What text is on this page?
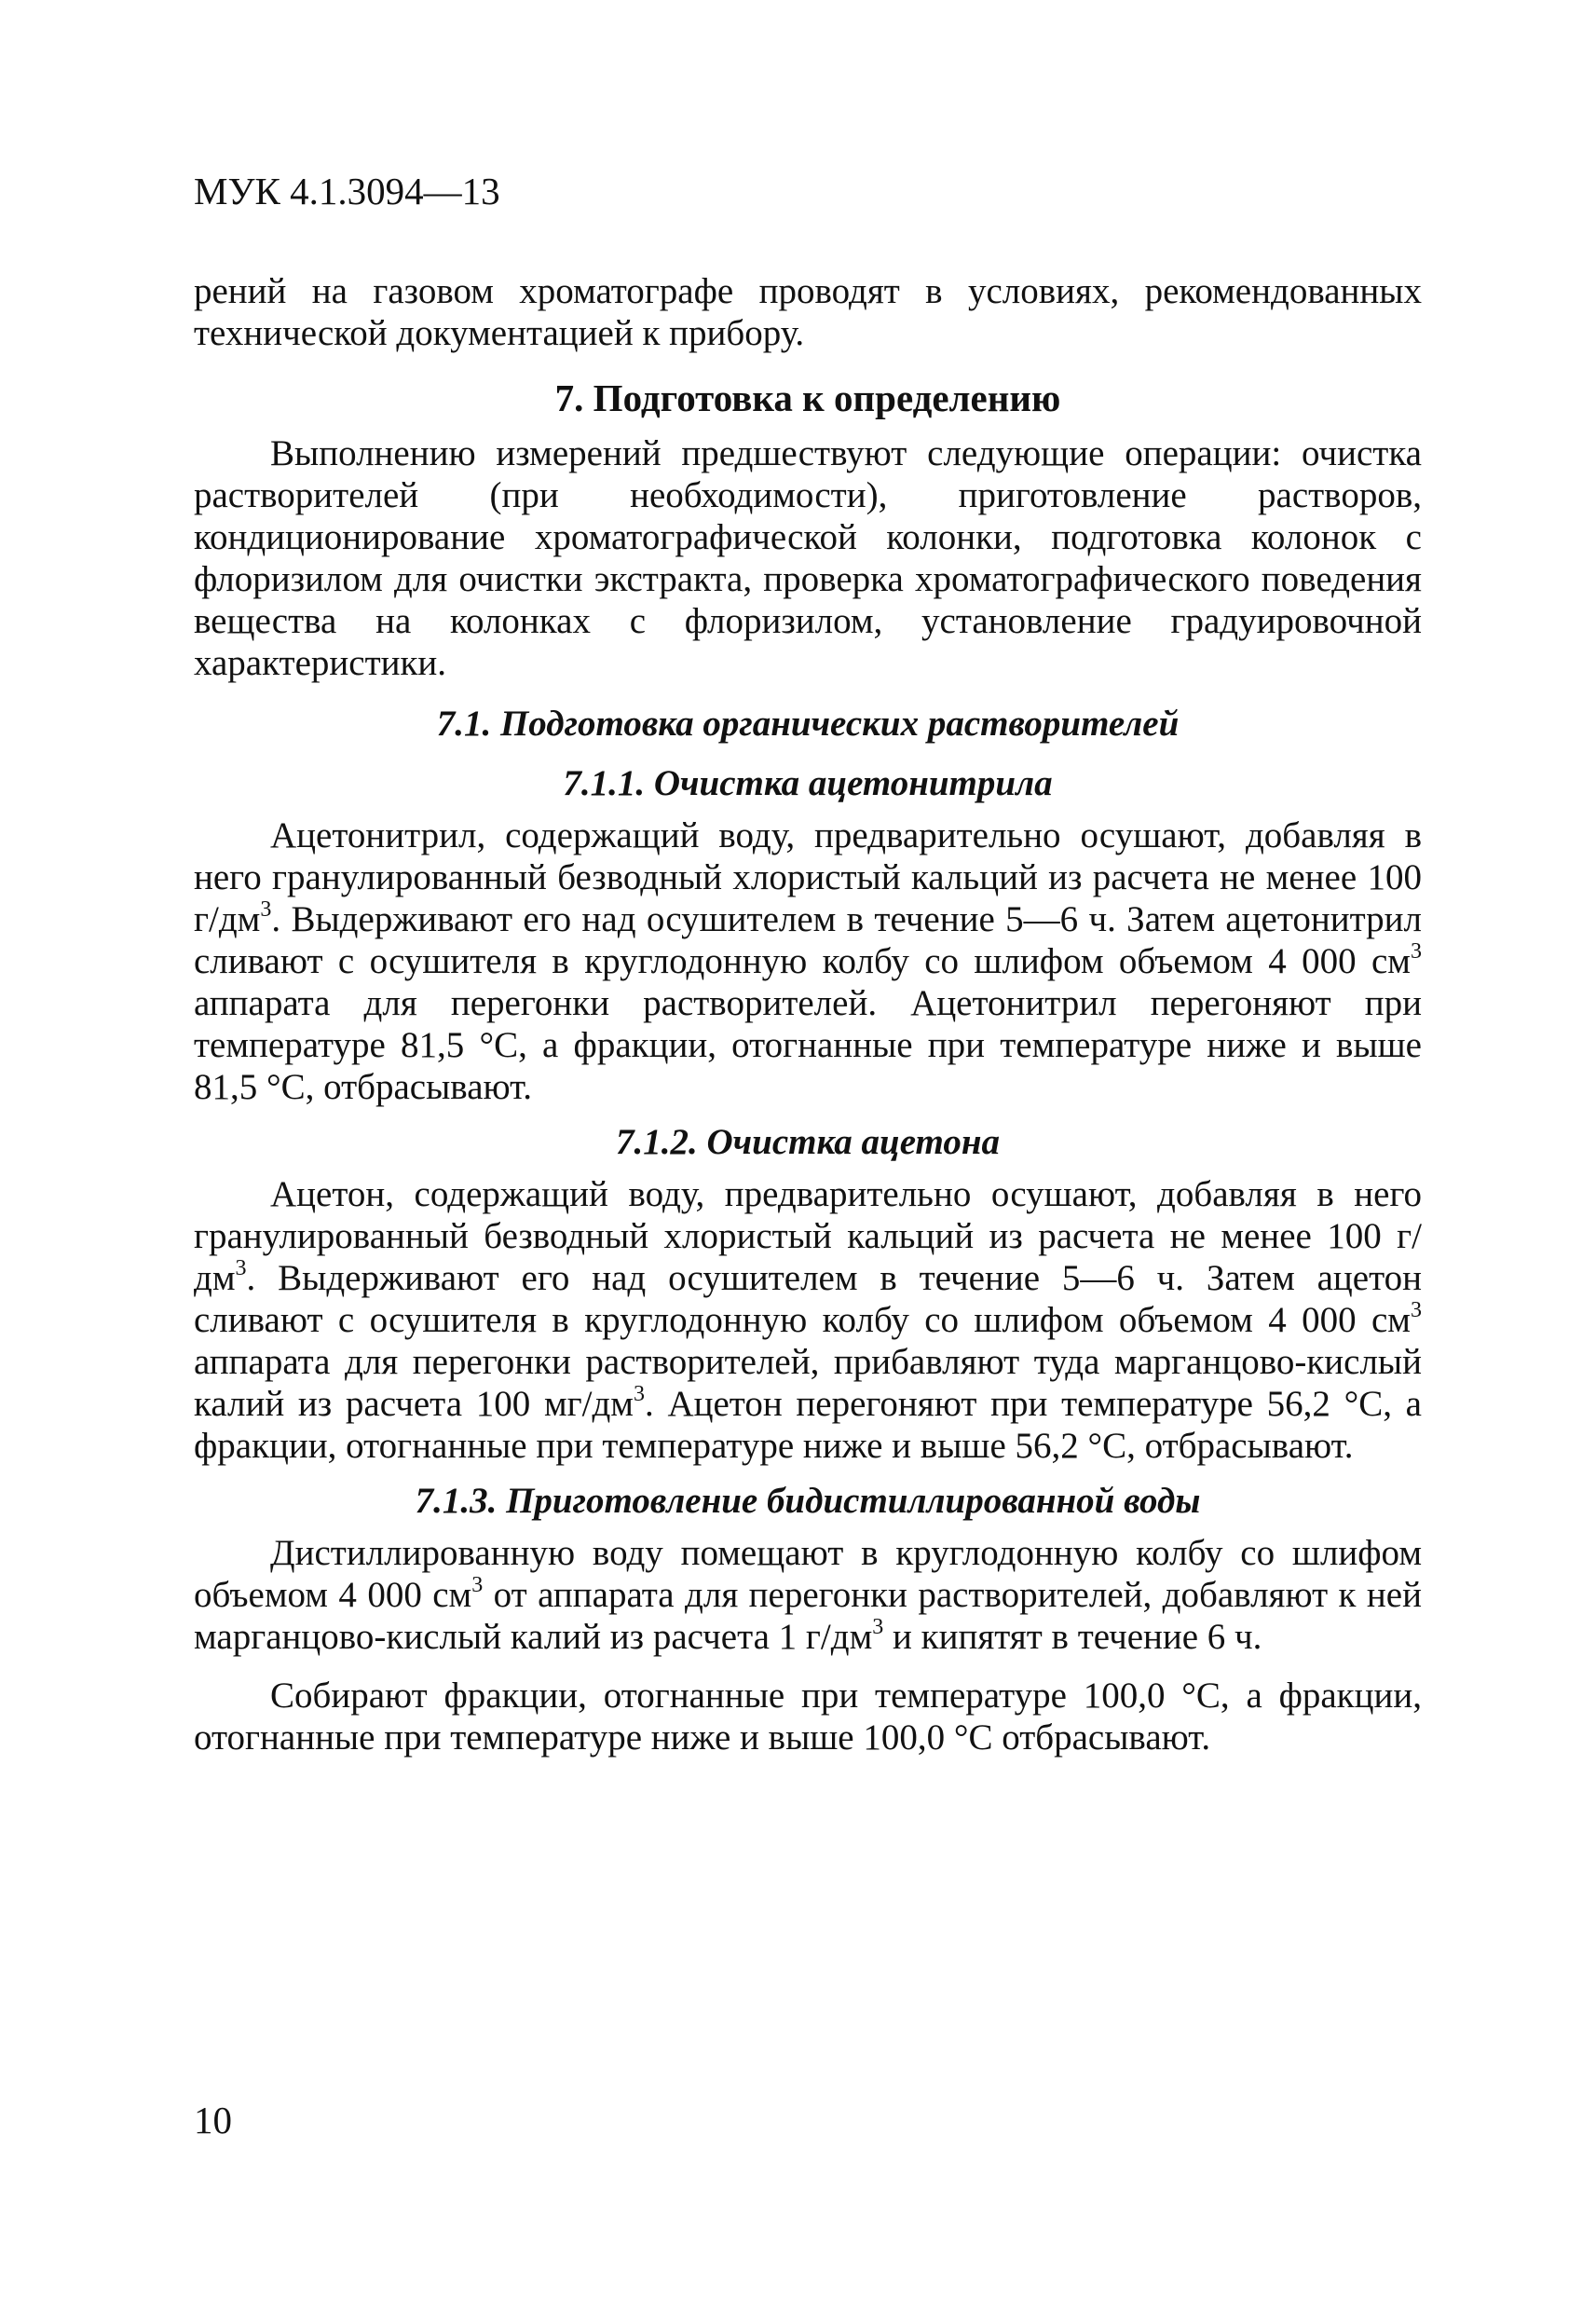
МУК 4.1.3094—13

рений на газовом хроматографе проводят в условиях, рекомендованных технической документацией к прибору.

7. Подготовка к определению

Выполнению измерений предшествуют следующие операции: очистка растворителей (при необходимости), приготовление растворов, кондиционирование хроматографической колонки, подготовка колонок с флоризилом для очистки экстракта, проверка хроматографического поведения вещества на колонках с флоризилом, установление градуировочной характеристики.

7.1. Подготовка органических растворителей
7.1.1. Очистка ацетонитрила

Ацетонитрил, содержащий воду, предварительно осушают, добавляя в него гранулированный безводный хлористый кальций из расчета не менее 100 $г/дм^3$. Выдерживают его над осушителем в течение 5—6 ч. Затем ацетонитрил сливают с осушителя в круглодонную колбу со шлифом объемом 4 000 $см^3$ аппарата для перегонки растворителей. Ацетонитрил перегоняют при температуре 81,5 °С, а фракции, отогнанные при температуре ниже и выше 81,5 °С, отбрасывают.

7.1.2. Очистка ацетона

Ацетон, содержащий воду, предварительно осушают, добавляя в него гранулированный безводный хлористый кальций из расчета не менее 100 $г/дм^3$. Выдерживают его над осушителем в течение 5—6 ч. Затем ацетон сливают с осушителя в круглодонную колбу со шлифом объемом 4 000 $см^3$ аппарата для перегонки растворителей, прибавляют туда марганцово-кислый калий из расчета 100 $мг/дм^3$. Ацетон перегоняют при температуре 56,2 °С, а фракции, отогнанные при температуре ниже и выше 56,2 °С, отбрасывают.

7.1.3. Приготовление бидистиллированной воды

Дистиллированную воду помещают в круглодонную колбу со шлифом объемом 4 000 $см^3$ от аппарата для перегонки растворителей, добавляют к ней марганцово-кислый калий из расчета 1 $г/дм^3$ и кипятят в течение 6 ч.

Собирают фракции, отогнанные при температуре 100,0 °С, а фракции, отогнанные при температуре ниже и выше 100,0 °С отбрасывают.

10
